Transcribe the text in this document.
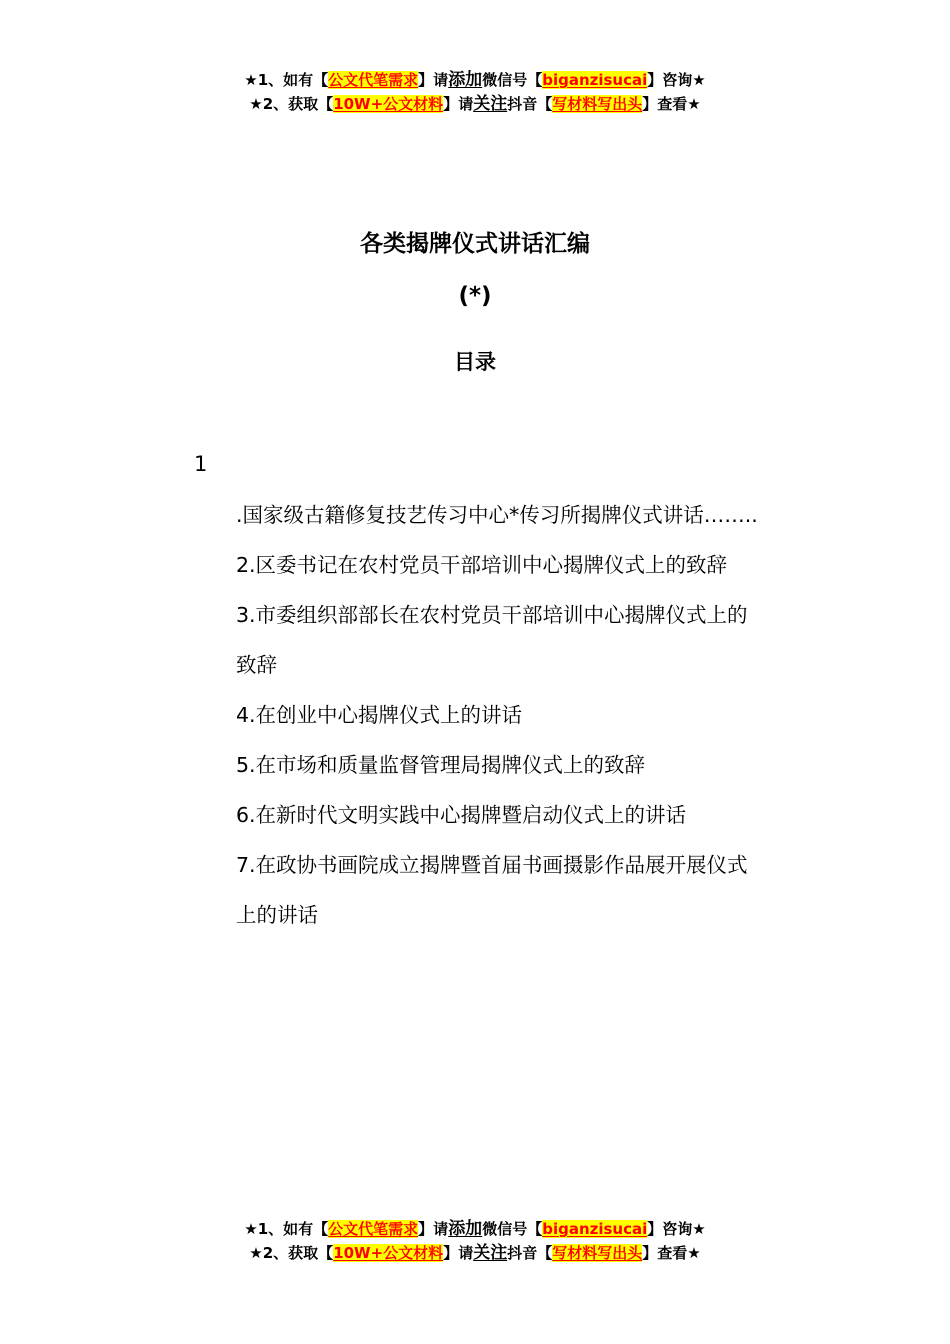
★1、如有【公文代笔需求】请添加微信号【biganzisucai】咨询★
★2、获取【10W+公文材料】请关注抖音【写材料写出头】查看★
各类揭牌仪式讲话汇编
(*)
目录
1
.国家级古籍修复技艺传习中心*传习所揭牌仪式讲话……..
2.区委书记在农村党员干部培训中心揭牌仪式上的致辞
3.市委组织部部长在农村党员干部培训中心揭牌仪式上的
致辞
4.在创业中心揭牌仪式上的讲话
5.在市场和质量监督管理局揭牌仪式上的致辞
6.在新时代文明实践中心揭牌暨启动仪式上的讲话
7.在政协书画院成立揭牌暨首届书画摄影作品展开展仪式
上的讲话
★1、如有【公文代笔需求】请添加微信号【biganzisucai】咨询★
★2、获取【10W+公文材料】请关注抖音【写材料写出头】查看★
